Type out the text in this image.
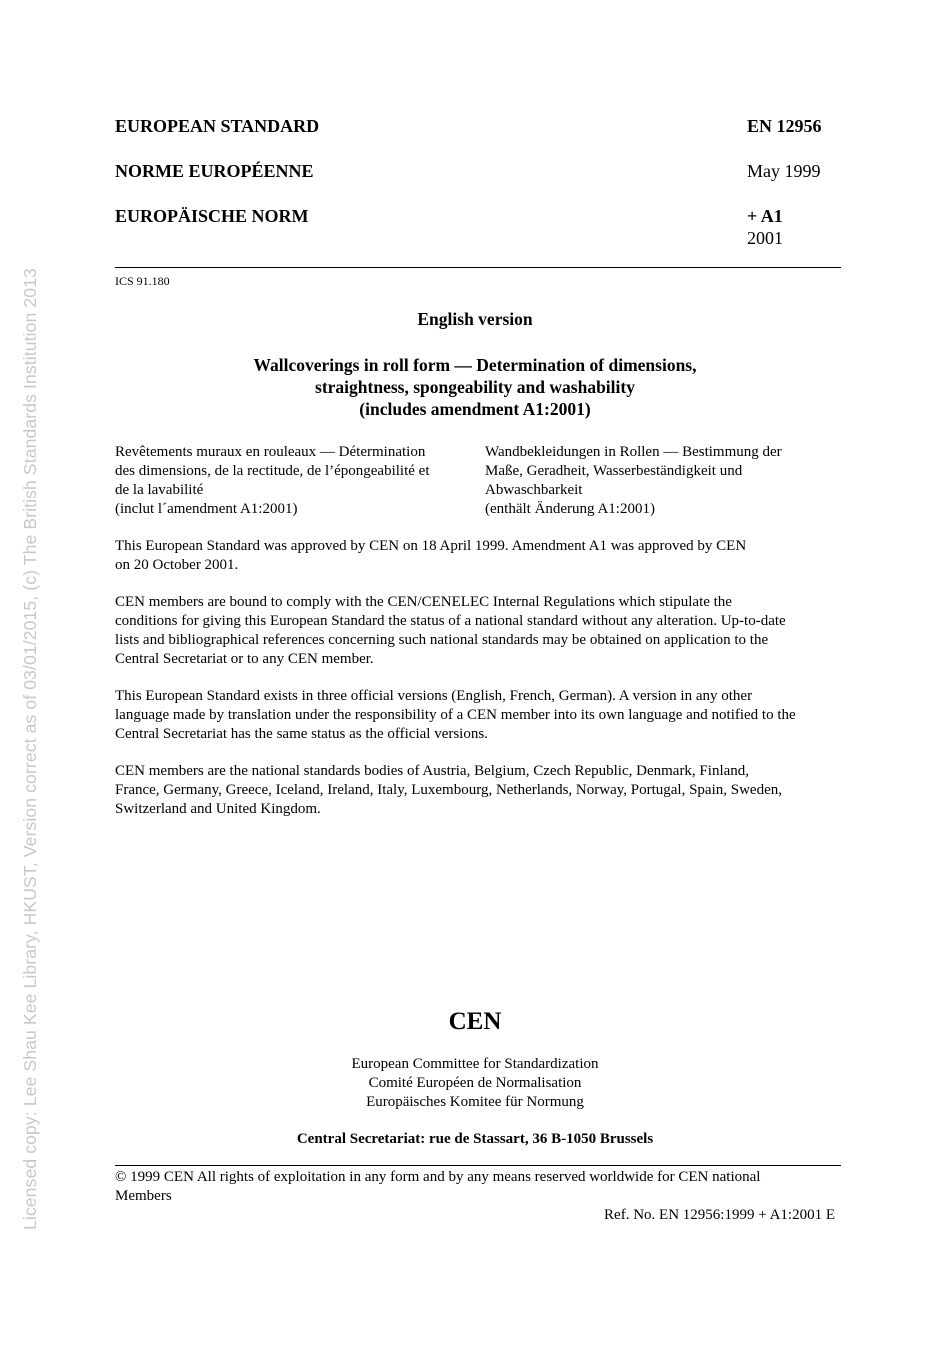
Licensed copy: Lee Shau Kee Library, HKUST, Version correct as of 03/01/2015, (c) The British Standards Institution 2013
EUROPEAN STANDARD
NORME EUROPÉENNE
EUROPÄISCHE NORM
EN 12956
May 1999
+ A1
2001
ICS 91.180
English version
Wallcoverings in roll form — Determination of dimensions,
straightness, spongeability and washability
(includes amendment A1:2001)
Revêtements muraux en rouleaux — Détermination
des dimensions, de la rectitude, de l’épongeabilité et
de la lavabilité
(inclut l´amendment A1:2001)
Wandbekleidungen in Rollen — Bestimmung der
Maße, Geradheit, Wasserbeständigkeit und
Abwaschbarkeit
(enthält Änderung A1:2001)
This European Standard was approved by CEN on 18 April 1999. Amendment A1 was approved by CEN
on 20 October 2001.
CEN members are bound to comply with the CEN/CENELEC Internal Regulations which stipulate the
conditions for giving this European Standard the status of a national standard without any alteration. Up-to-date
lists and bibliographical references concerning such national standards may be obtained on application to the
Central Secretariat or to any CEN member.
This European Standard exists in three official versions (English, French, German). A version in any other
language made by translation under the responsibility of a CEN member into its own language and notified to the
Central Secretariat has the same status as the official versions.
CEN members are the national standards bodies of Austria, Belgium, Czech Republic, Denmark, Finland,
France, Germany, Greece, Iceland, Ireland, Italy, Luxembourg, Netherlands, Norway, Portugal, Spain, Sweden,
Switzerland and United Kingdom.
CEN
European Committee for Standardization
Comité Européen de Normalisation
Europäisches Komitee für Normung
Central Secretariat: rue de Stassart, 36 B-1050 Brussels
© 1999 CEN All rights of exploitation in any form and by any means reserved worldwide for CEN national
Members
Ref. No. EN 12956:1999 + A1:2001 E
